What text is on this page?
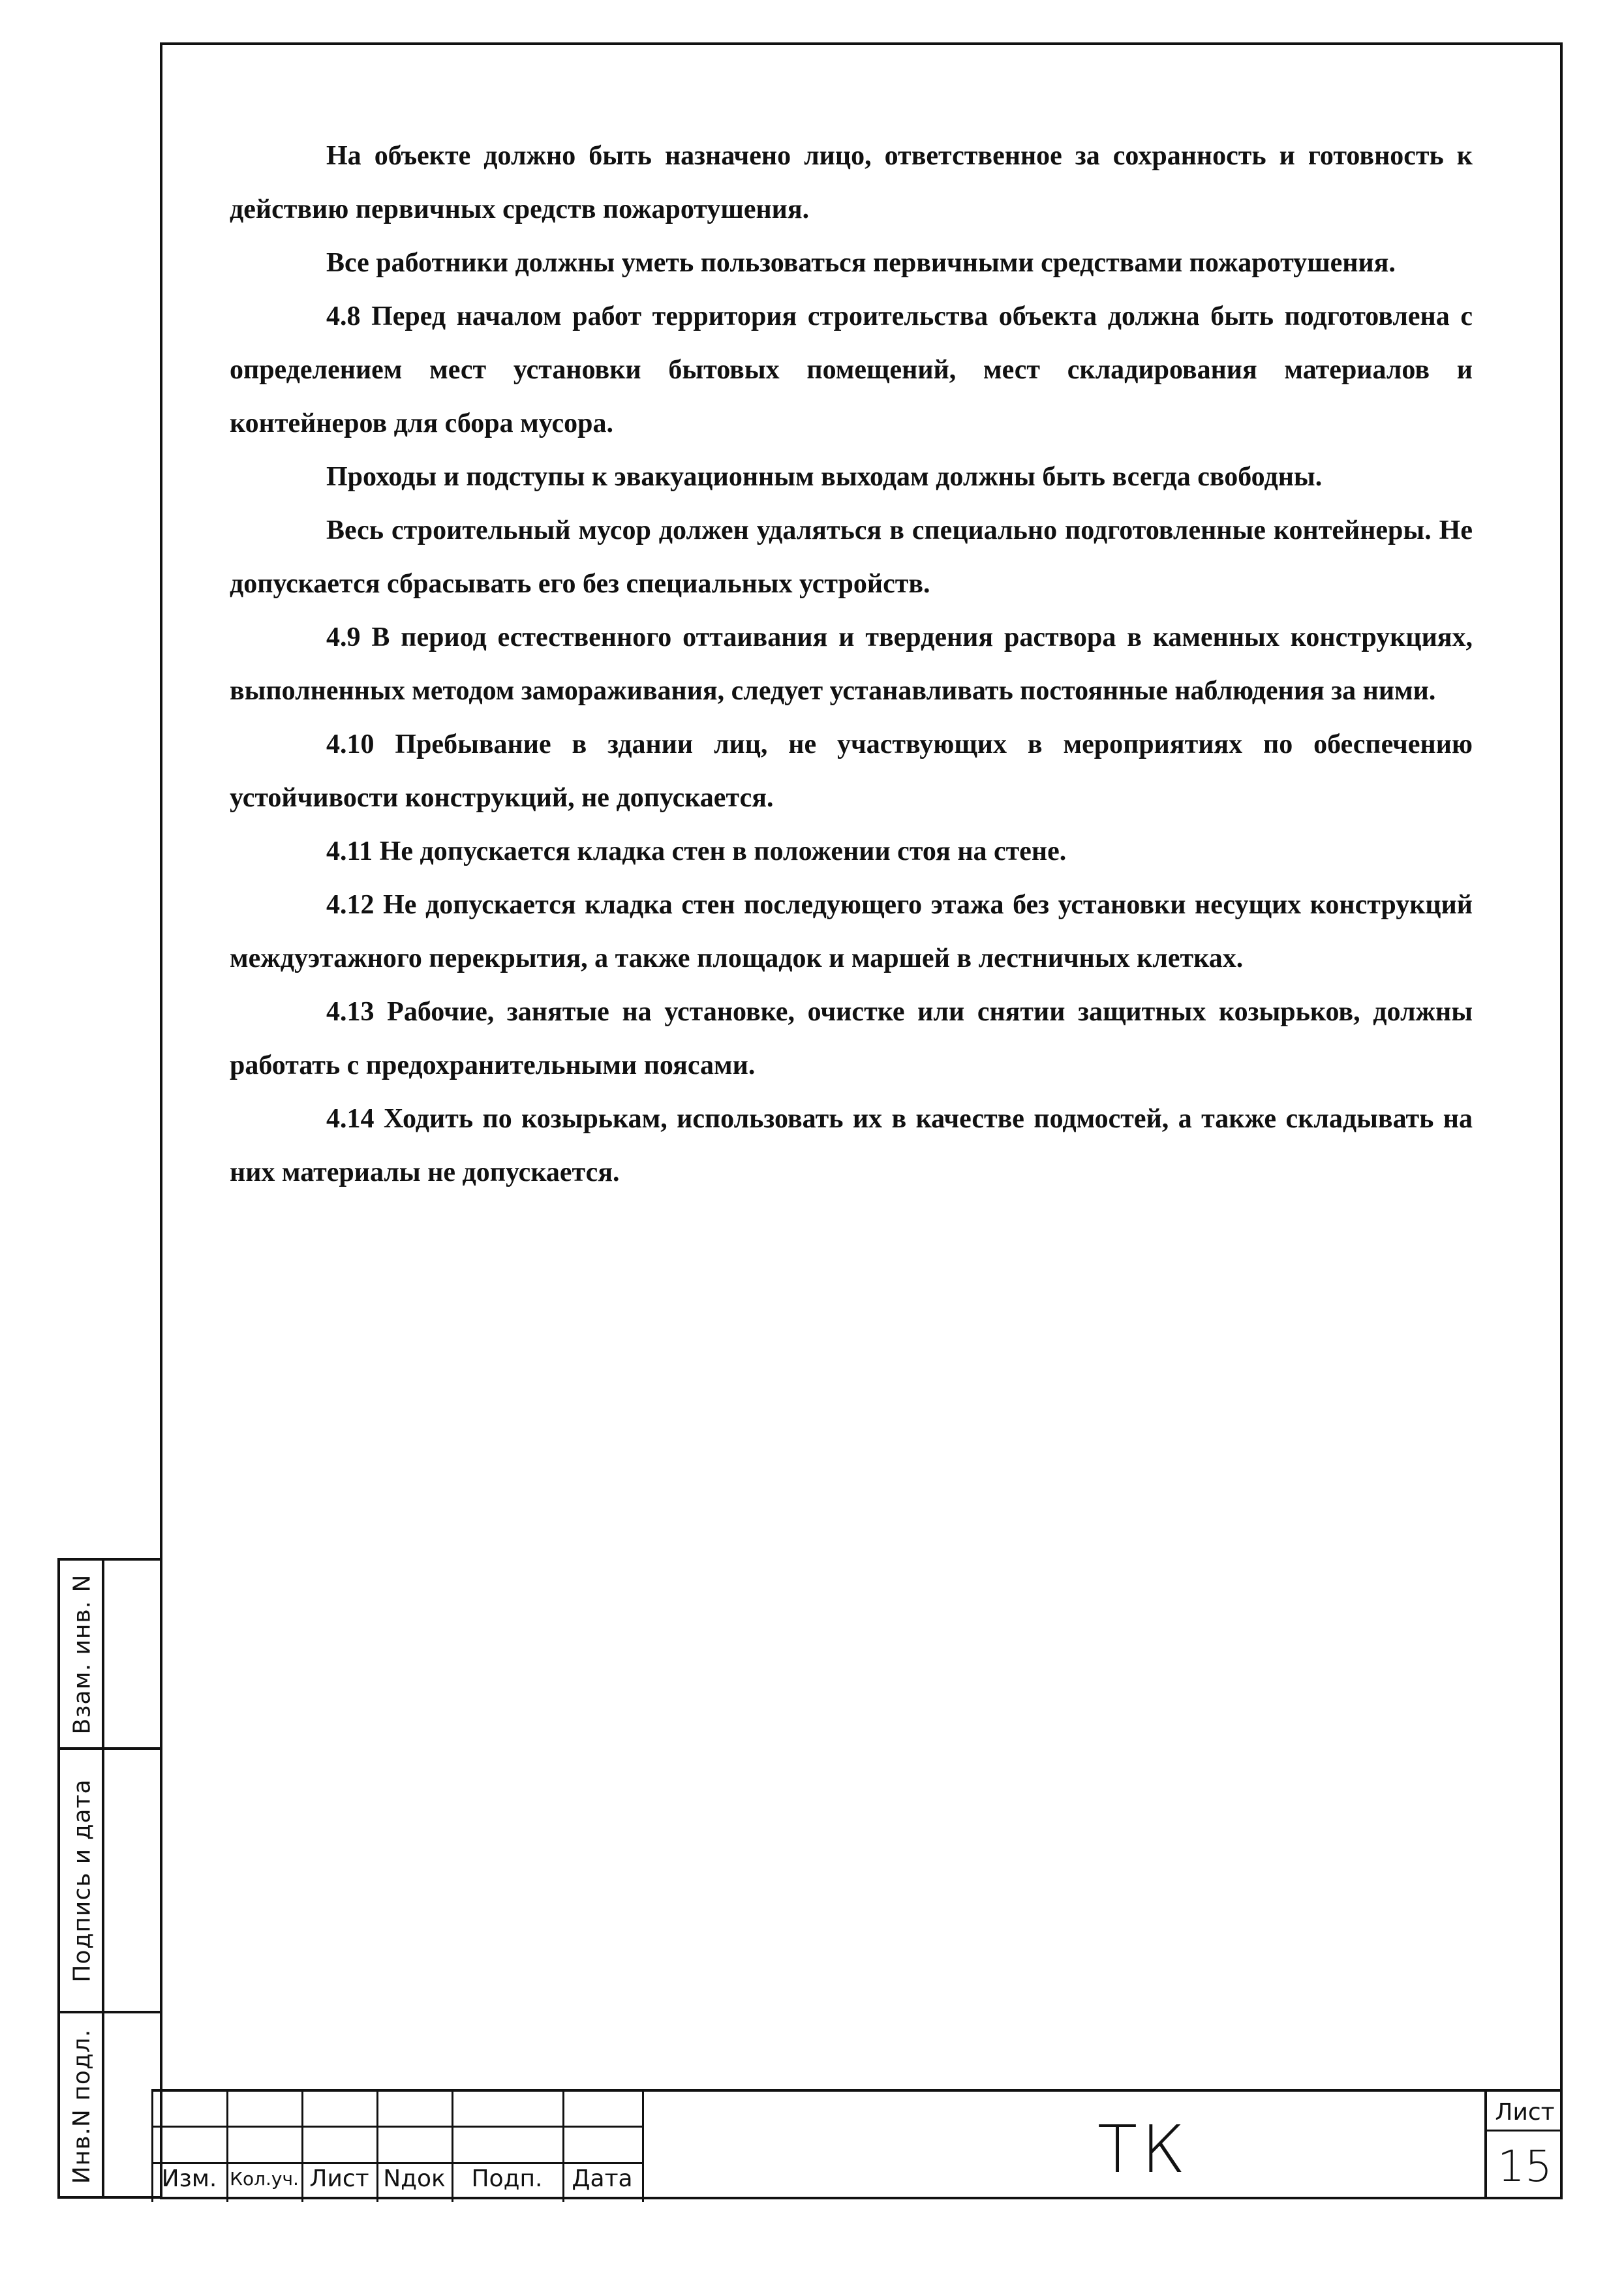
На объекте должно быть назначено лицо, ответственное за сохранность и готовность к действию первичных средств пожаротушения.

Все работники должны уметь пользоваться первичными средствами пожаротушения.

4.8 Перед началом работ территория строительства объекта должна быть подготовлена с определением мест установки бытовых помещений, мест складирования материалов и контейнеров для сбора мусора.

Проходы и подступы к эвакуационным выходам должны быть всегда свободны.

Весь строительный мусор должен удаляться в специально подготовленные контейнеры. Не допускается сбрасывать его без специальных устройств.

4.9 В период естественного оттаивания и твердения раствора в каменных конструкциях, выполненных методом замораживания, следует устанавливать постоянные наблюдения за ними.

4.10 Пребывание в здании лиц, не участвующих в мероприятиях по обеспечению устойчивости конструкций, не допускается.

4.11 Не допускается кладка стен в положении стоя на стене.

4.12 Не допускается кладка стен последующего этажа без установки несущих конструкций междуэтажного перекрытия, а также площадок и маршей в лестничных клетках.

4.13 Рабочие, занятые на установке, очистке или снятии защитных козырьков, должны работать с предохранительными поясами.

4.14 Ходить по козырькам, использовать их в качестве подмостей, а также складывать на них материалы не допускается.

Взам. инв. N
Подпись и дата
Инв.N подл.	Изм. Кол.уч. Лист Nдок	Подп.	Дата	ТК	Лист
15
